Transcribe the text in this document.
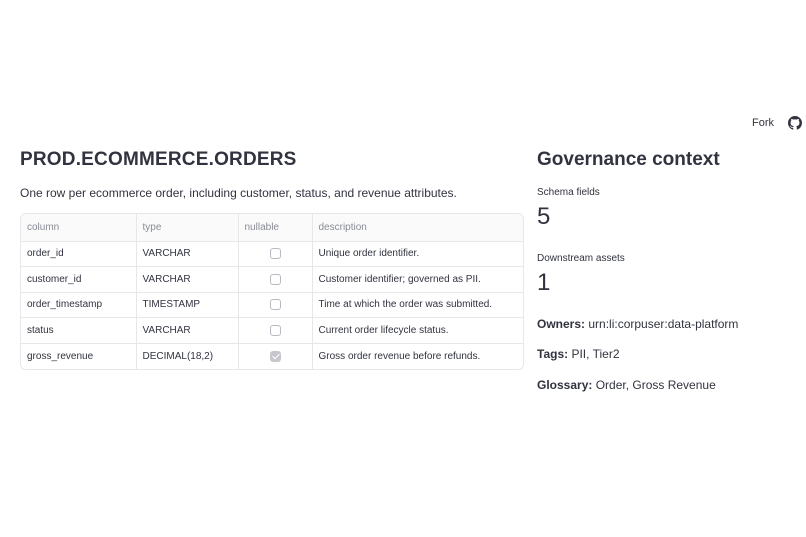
Fork
PROD.ECOMMERCE.ORDERS

One row per ecommerce order, including customer, status, and revenue attributes.

column	type	nullable	description
order_id	VARCHAR		Unique order identifier.
customer_id	VARCHAR		Customer identifier; governed as PII.
order_timestamp	TIMESTAMP		Time at which the order was submitted.
status	VARCHAR		Current order lifecycle status.
gross_revenue	DECIMAL(18,2)		Gross order revenue before refunds.
Governance context
Schema fields
5
Downstream assets
1

Owners: urn:li:corpuser:data-platform

Tags: PII, Tier2

Glossary: Order, Gross Revenue
